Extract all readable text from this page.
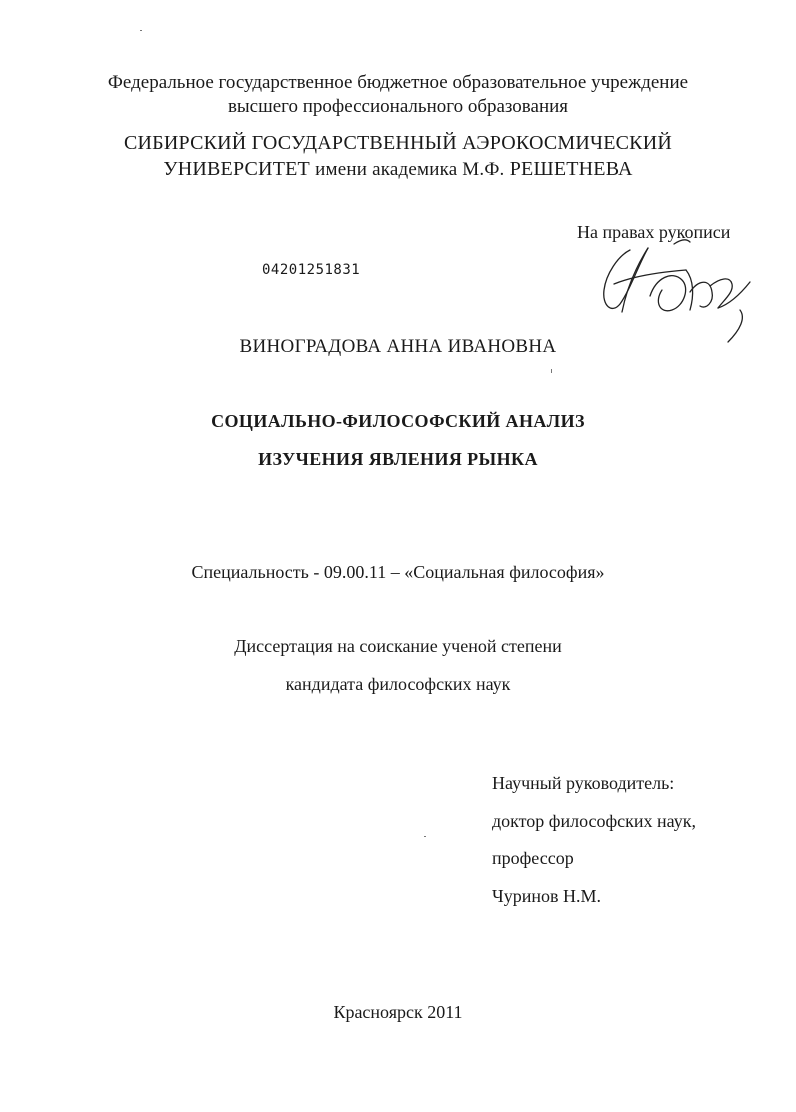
Федеральное государственное бюджетное образовательное учреждение
высшего профессионального образования
СИБИРСКИЙ ГОСУДАРСТВЕННЫЙ АЭРОКОСМИЧЕСКИЙ
УНИВЕРСИТЕТ имени академика М.Ф. РЕШЕТНЕВА
На правах рукописи
04201251831
ВИНОГРАДОВА АННА ИВАНОВНА
СОЦИАЛЬНО-ФИЛОСОФСКИЙ АНАЛИЗ
ИЗУЧЕНИЯ ЯВЛЕНИЯ РЫНКА
Специальность - 09.00.11 – «Социальная философия»
Диссертация на соискание ученой степени
кандидата философских наук
Научный руководитель:
доктор философских наук,
профессор
Чуринов Н.М.
Красноярск 2011
